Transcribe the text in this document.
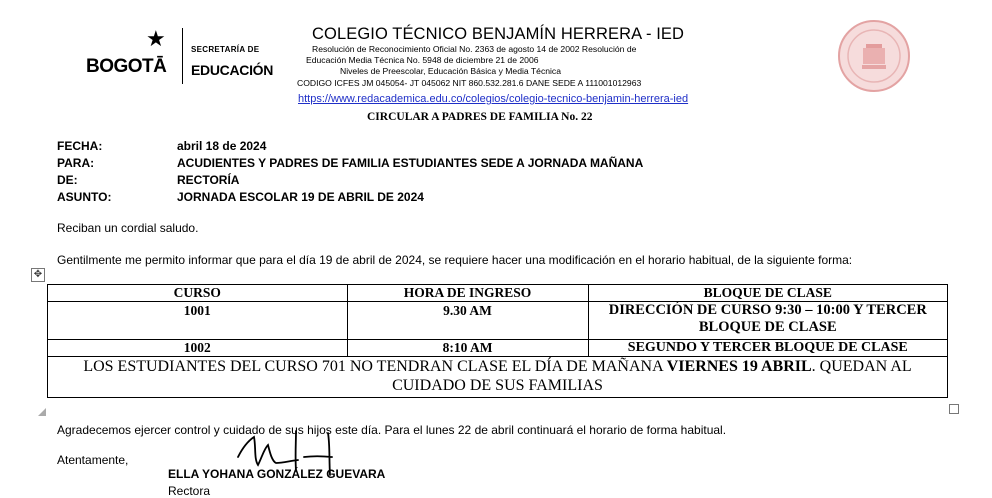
BOGOTĀ
★	SECRETARÍA DE
EDUCACIÓN
COLEGIO TÉCNICO BENJAMÍN HERRERA - IED
Resolución de Reconocimiento Oficial No. 2363 de agosto 14 de 2002 Resolución de
Educación Media Técnica No. 5948 de diciembre 21 de 2006
Niveles de Preescolar, Educación Básica y Media Técnica
CODIGO ICFES JM 045054- JT 045062 NIT 860.532.281.6 DANE SEDE A 111001012963
https://www.redacademica.edu.co/colegios/colegio-tecnico-benjamin-herrera-ied
CIRCULAR A PADRES DE FAMILIA No. 22
FECHA:	abril 18 de 2024
PARA:	ACUDIENTES Y PADRES DE FAMILIA ESTUDIANTES SEDE A JORNADA MAÑANA
DE:	RECTORÍA
ASUNTO:	JORNADA ESCOLAR 19 DE ABRIL DE 2024
Reciban un cordial saludo.
Gentilmente me permito informar que para el día 19 de abril de 2024, se requiere hacer una modificación en el horario habitual, de la siguiente forma:
✥
CURSO	HORA DE INGRESO	BLOQUE DE CLASE
1001	9.30 AM	DIRECCIÓN DE CURSO 9:30 – 10:00 Y TERCER BLOQUE DE CLASE
1002	8:10 AM	SEGUNDO Y TERCER BLOQUE DE CLASE
LOS ESTUDIANTES DEL CURSO 701 NO TENDRAN CLASE EL DÍA DE MAÑANA VIERNES 19 ABRIL. QUEDAN AL CUIDADO DE SUS FAMILIAS		
Agradecemos ejercer control y cuidado de sus hijos este día. Para el lunes 22 de abril continuará el horario de forma habitual.
Atentamente,
ELLA YOHANA GONZÁLEZ GUEVARA
Rectora
